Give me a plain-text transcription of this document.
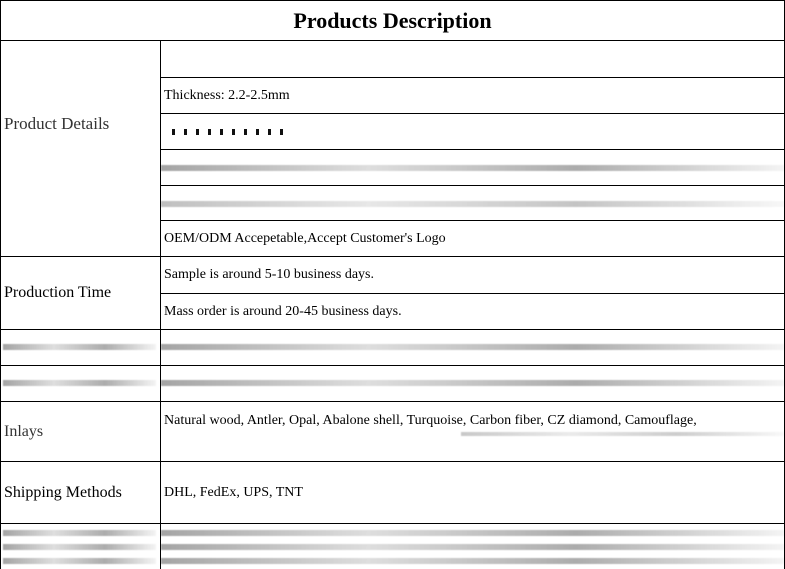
Products Description
Product Details
Thickness: 2.2-2.5mm
OEM/ODM Accepetable,Accept Customer's Logo
Production Time
Sample is around 5-10 business days.
Mass order is around 20-45 business days.
Inlays
Natural wood, Antler, Opal, Abalone shell, Turquoise, Carbon fiber, CZ diamond, Camouflage,
Shipping Methods	DHL, FedEx, UPS, TNT
